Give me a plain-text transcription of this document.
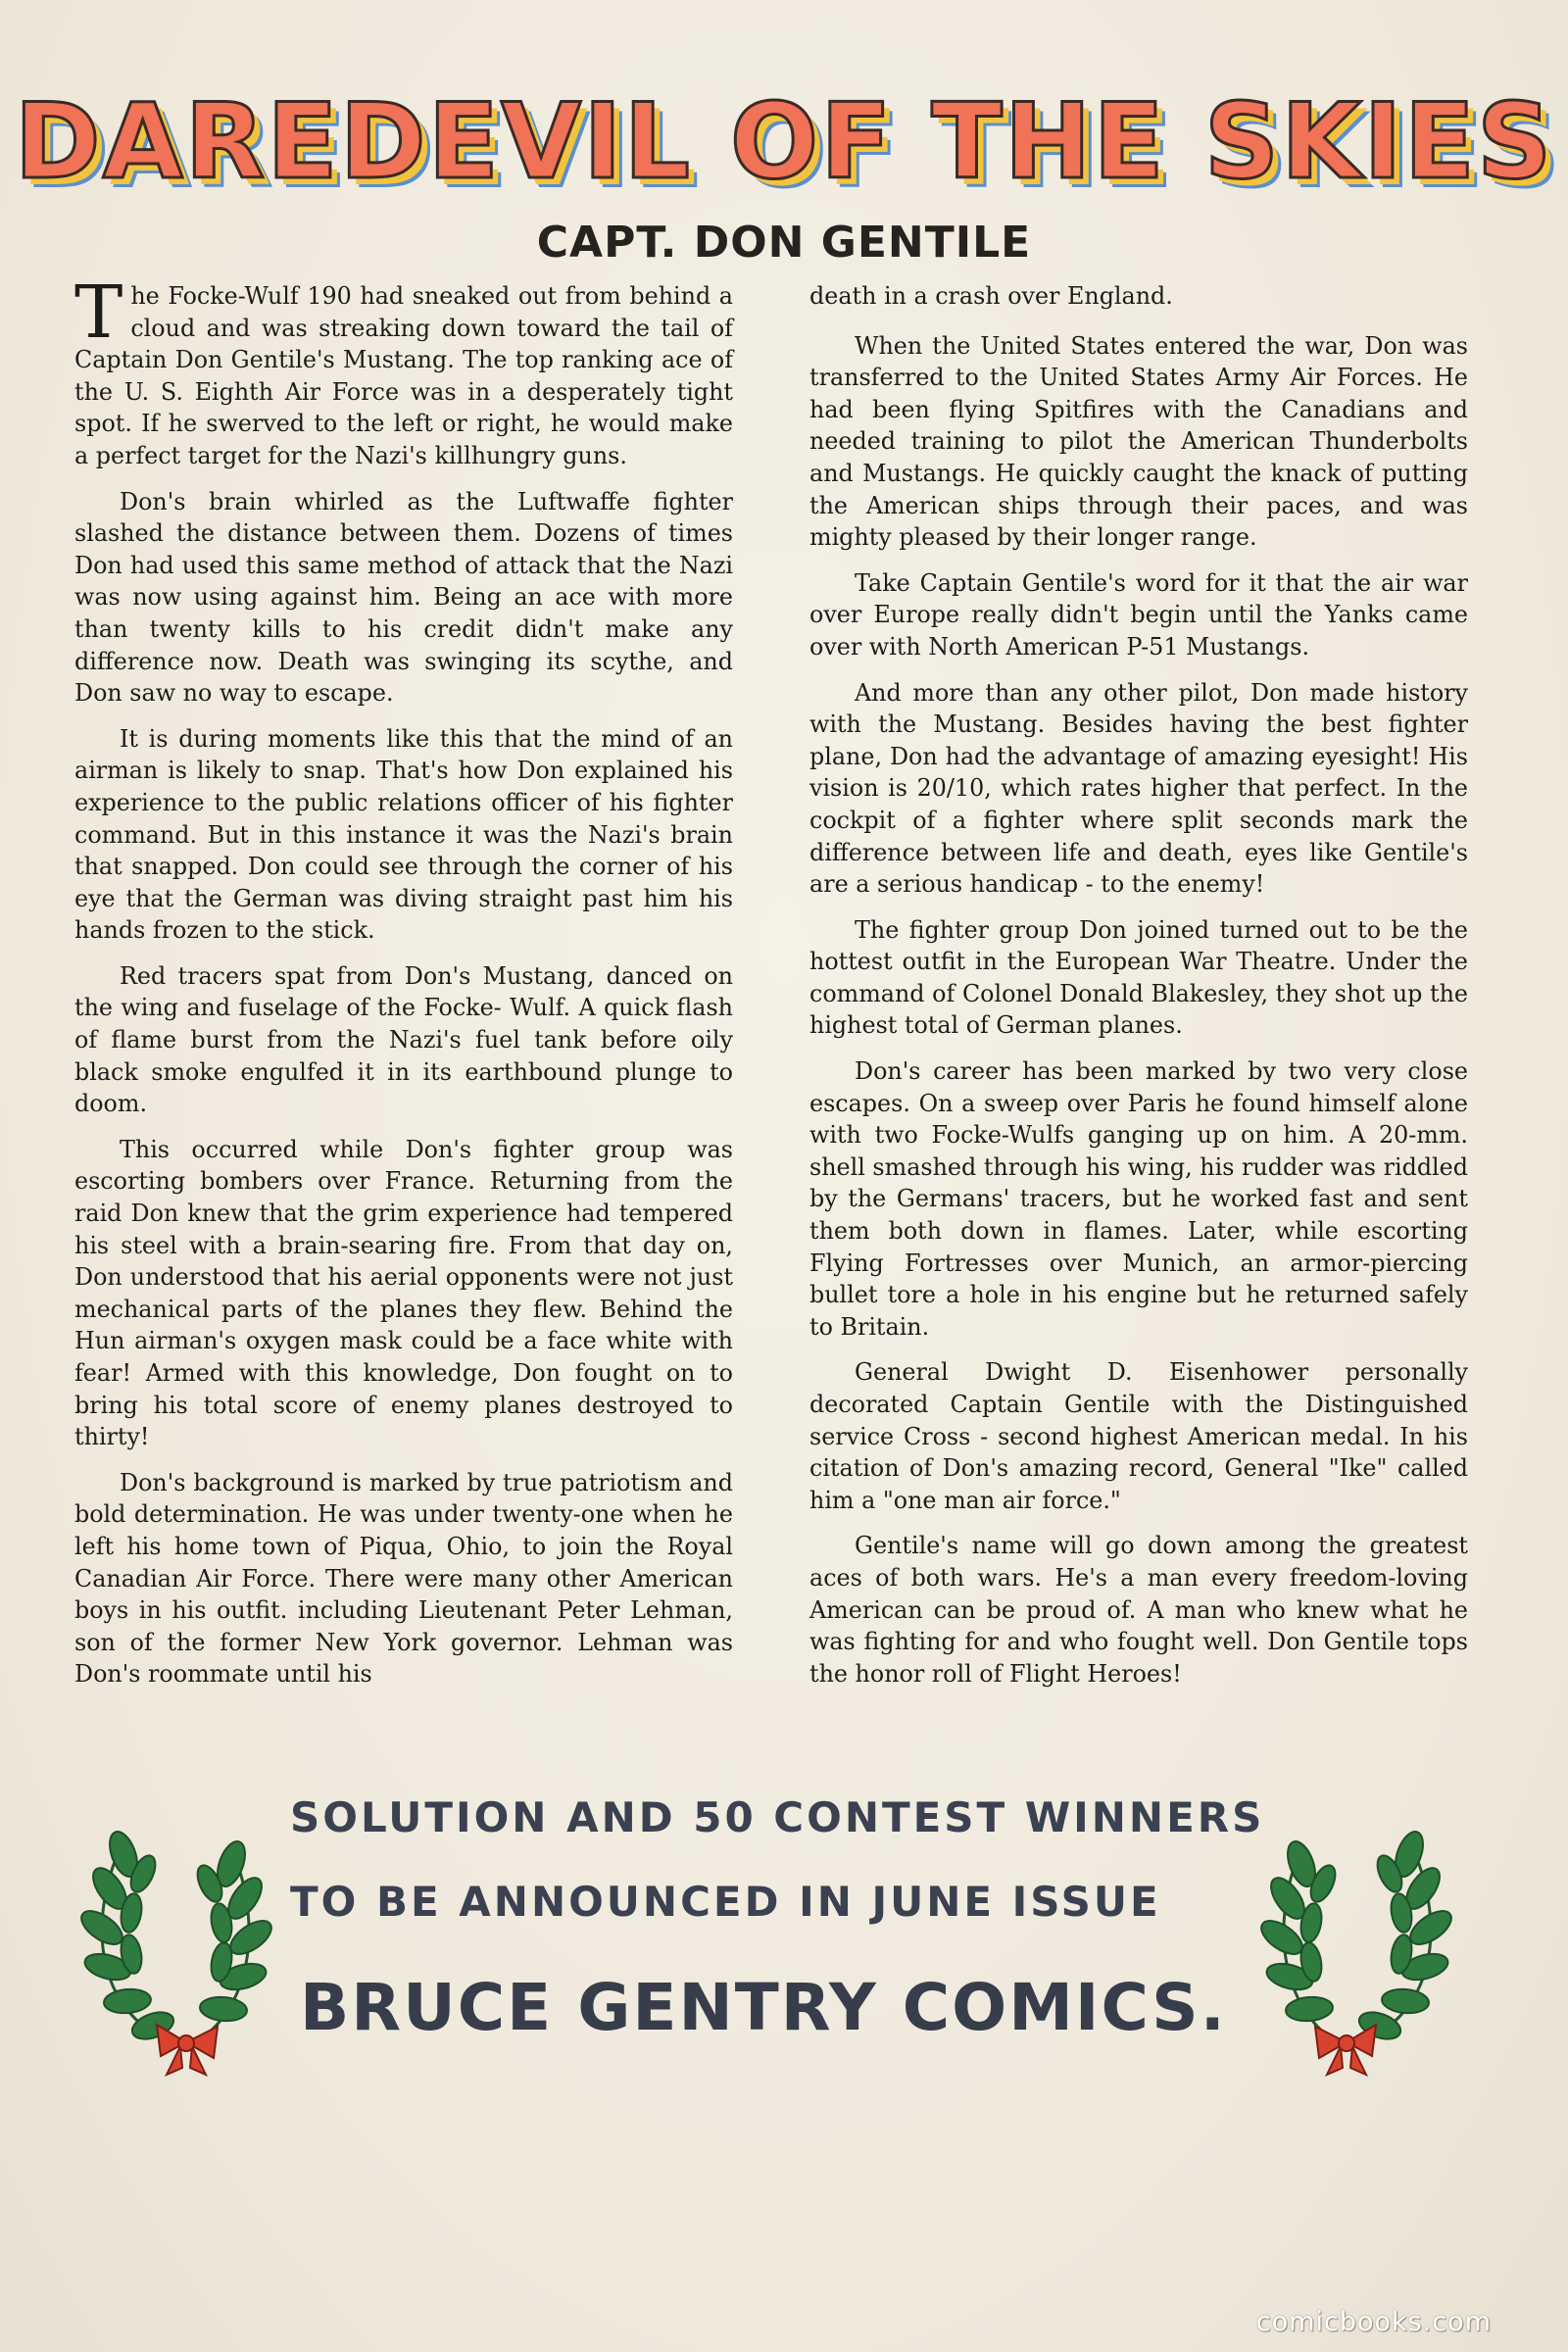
DAREDEVIL OF THE SKIES
CAPT. DON GENTILE

The Focke-Wulf 190 had sneaked out from behind a cloud and was streaking down toward the tail of Captain Don Gentile's Mustang. The top ranking ace of the U. S. Eighth Air Force was in a desperately tight spot. If he swerved to the left or right, he would make a perfect target for the Nazi's killhungry guns.

Don's brain whirled as the Luftwaffe fighter slashed the distance between them. Dozens of times Don had used this same method of attack that the Nazi was now using against him. Being an ace with more than twenty kills to his credit didn't make any difference now. Death was swinging its scythe, and Don saw no way to escape.

It is during moments like this that the mind of an airman is likely to snap. That's how Don explained his experience to the public relations officer of his fighter command. But in this instance it was the Nazi's brain that snapped. Don could see through the corner of his eye that the German was diving straight past him his hands frozen to the stick.

Red tracers spat from Don's Mustang, danced on the wing and fuselage of the Focke- Wulf. A quick flash of flame burst from the Nazi's fuel tank before oily black smoke engulfed it in its earthbound plunge to doom.

This occurred while Don's fighter group was escorting bombers over France. Returning from the raid Don knew that the grim experience had tempered his steel with a brain-searing fire. From that day on, Don understood that his aerial opponents were not just mechanical parts of the planes they flew. Behind the Hun airman's oxygen mask could be a face white with fear! Armed with this knowledge, Don fought on to bring his total score of enemy planes destroyed to thirty!

Don's background is marked by true patriotism and bold determination. He was under twenty-one when he left his home town of Piqua, Ohio, to join the Royal Canadian Air Force. There were many other American boys in his outfit. including Lieutenant Peter Lehman, son of the former New York governor. Lehman was Don's roommate until his

death in a crash over England.

When the United States entered the war, Don was transferred to the United States Army Air Forces. He had been flying Spitfires with the Canadians and needed training to pilot the American Thunderbolts and Mustangs. He quickly caught the knack of putting the American ships through their paces, and was mighty pleased by their longer range.

Take Captain Gentile's word for it that the air war over Europe really didn't begin until the Yanks came over with North American P-51 Mustangs.

And more than any other pilot, Don made history with the Mustang. Besides having the best fighter plane, Don had the advantage of amazing eyesight! His vision is 20/10, which rates higher that perfect. In the cockpit of a fighter where split seconds mark the difference between life and death, eyes like Gentile's are a serious handicap - to the enemy!

The fighter group Don joined turned out to be the hottest outfit in the European War Theatre. Under the command of Colonel Donald Blakesley, they shot up the highest total of German planes.

Don's career has been marked by two very close escapes. On a sweep over Paris he found himself alone with two Focke-Wulfs ganging up on him. A 20-mm. shell smashed through his wing, his rudder was riddled by the Germans' tracers, but he worked fast and sent them both down in flames. Later, while escorting Flying Fortresses over Munich, an armor-piercing bullet tore a hole in his engine but he returned safely to Britain.

General Dwight D. Eisenhower personally decorated Captain Gentile with the Distinguished service Cross - second highest American medal. In his citation of Don's amazing record, General "Ike" called him a "one man air force."

Gentile's name will go down among the greatest aces of both wars. He's a man every freedom-loving American can be proud of. A man who knew what he was fighting for and who fought well. Don Gentile tops the honor roll of Flight Heroes!

SOLUTION AND 50 CONTEST WINNERS

TO BE ANNOUNCED IN JUNE ISSUE

BRUCE GENTRY COMICS.

comicbooks.com
